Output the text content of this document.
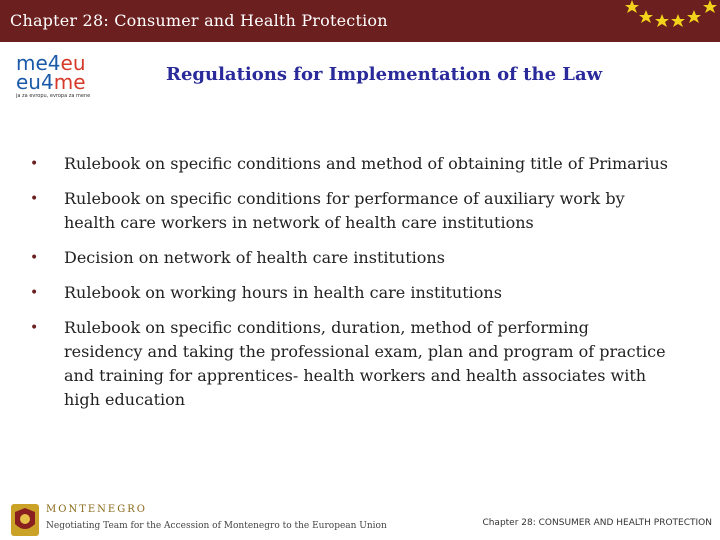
Chapter 28: Consumer and Health Protection
me4eu
eu4me
ja za evropu, evropa za mene
Regulations for Implementation of the Law
• Rulebook on specific conditions and method of obtaining title of Primarius
• Rulebook on specific conditions for performance of auxiliary work by health care workers in network of health care institutions
• Decision on network of health care institutions
• Rulebook on working hours in health care institutions
• Rulebook on specific conditions, duration, method of performing residency and taking the professional exam, plan and program of practice and training for apprentices- health workers and health associates with high education
MONTENEGRO
Negotiating Team for the Accession of Montenegro to the European Union	Chapter 28: CONSUMER AND HEALTH PROTECTION
